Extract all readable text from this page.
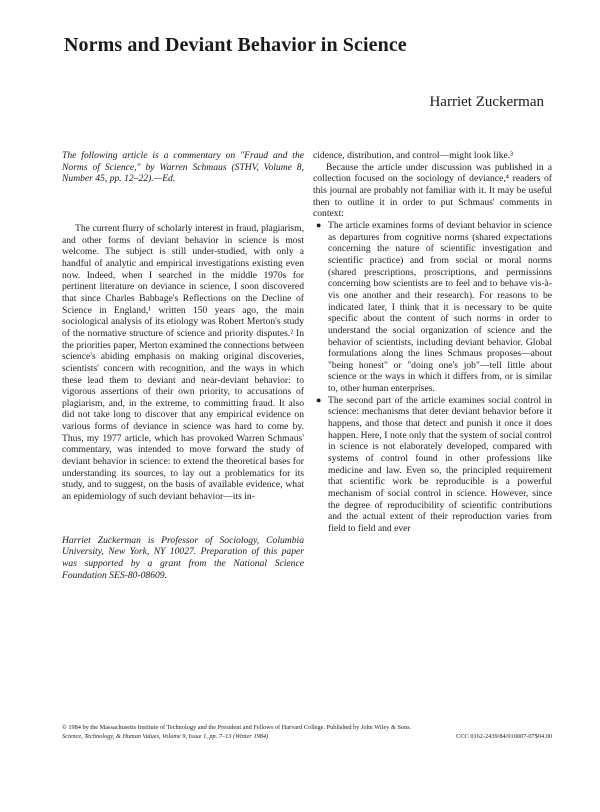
Norms and Deviant Behavior in Science
Harriet Zuckerman

The following article is a commentary on "Fraud and the Norms of Science," by Warren Schmaus (STHV, Volume 8, Number 45, pp. 12–22).—Ed.

The current flurry of scholarly interest in fraud, plagiarism, and other forms of deviant behavior in science is most welcome. The subject is still under-studied, with only a handful of analytic and empirical investigations existing even now. Indeed, when I searched in the middle 1970s for pertinent literature on deviance in science, I soon discovered that since Charles Babbage's Reflections on the Decline of Science in England,¹ written 150 years ago, the main sociological analysis of its etiology was Robert Merton's study of the normative structure of science and priority disputes.² In the priorities paper, Merton examined the connections between science's abiding emphasis on making original discoveries, scientists' concern with recognition, and the ways in which these lead them to deviant and near-deviant behavior: to vigorous assertions of their own priority, to accusations of plagiarism, and, in the extreme, to committing fraud. It also did not take long to discover that any empirical evidence on various forms of deviance in science was hard to come by. Thus, my 1977 article, which has provoked Warren Schmaus' commentary, was intended to move forward the study of deviant behavior in science: to extend the theoretical bases for understanding its sources, to lay out a problematics for its study, and to suggest, on the basis of available evidence, what an epidemiology of such deviant behavior—its in-

Harriet Zuckerman is Professor of Sociology, Columbia University, New York, NY 10027. Preparation of this paper was supported by a grant from the National Science Foundation SES-80-08609.

cidence, distribution, and control—might look like.³

Because the article under discussion was published in a collection focused on the sociology of deviance,⁴ readers of this journal are probably not familiar with it. It may be useful then to outline it in order to put Schmaus' comments in context:

● The article examines forms of deviant behavior in science as departures from cognitive norms (shared expectations concerning the nature of scientific investigation and scientific practice) and from social or moral norms (shared prescriptions, proscriptions, and permissions concerning how scientists are to feel and to behave vis-à-vis one another and their research). For reasons to be indicated later, I think that it is necessary to be quite specific about the content of such norms in order to understand the social organization of science and the behavior of scientists, including deviant behavior. Global formulations along the lines Schmaus proposes—about "being honest" or "doing one's job"—tell little about science or the ways in which it differs from, or is similar to, other human enterprises.
● The second part of the article examines social control in science: mechanisms that deter deviant behavior before it happens, and those that detect and punish it once it does happen. Here, I note only that the system of social control in science is not elaborately developed, compared with systems of control found in other professions like medicine and law. Even so, the principled requirement that scientific work be reproducible is a powerful mechanism of social control in science. However, since the degree of reproducibility of scientific contributions and the actual extent of their reproduction varies from field to field and ever
© 1984 by the Massachusetts Institute of Technology and the President and Fellows of Harvard College. Published by John Wiley & Sons.
Science, Technology, & Human Values, Volume 9, Issue 1, pp. 7–13 (Winter 1984)	CCC 0162-2439/84/010007-07$04.00
